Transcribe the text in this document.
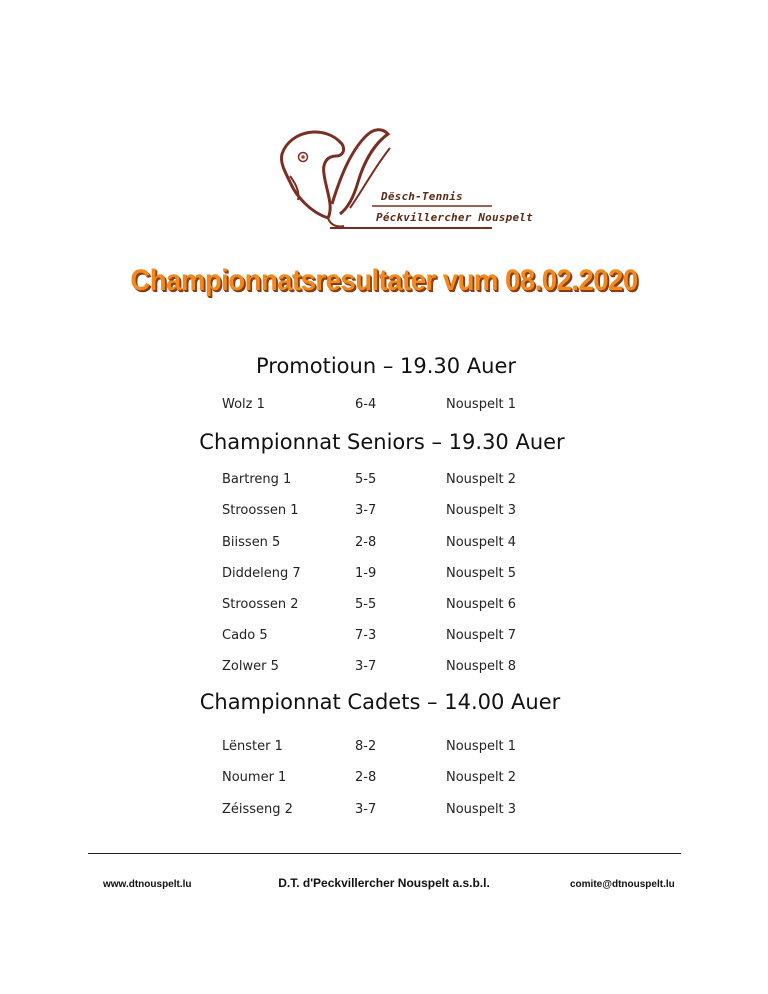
Dësch-Tennis
Péckvillercher Nouspelt
Championnatsresultater vum 08.02.2020
Promotioun – 19.30 Auer
Wolz 1	6-4	Nouspelt 1
Championnat Seniors – 19.30 Auer
Bartreng 1	5-5	Nouspelt 2
Stroossen 1	3-7	Nouspelt 3
Biissen 5	2-8	Nouspelt 4
Diddeleng 7	1-9	Nouspelt 5
Stroossen 2	5-5	Nouspelt 6
Cado 5	7-3	Nouspelt 7
Zolwer 5	3-7	Nouspelt 8
Championnat Cadets – 14.00 Auer
Lënster 1	8-2	Nouspelt 1
Noumer 1	2-8	Nouspelt 2
Zéisseng 2	3-7	Nouspelt 3
www.dtnouspelt.lu	D.T. d'Peckvillercher Nouspelt a.s.b.l.	comite@dtnouspelt.lu
